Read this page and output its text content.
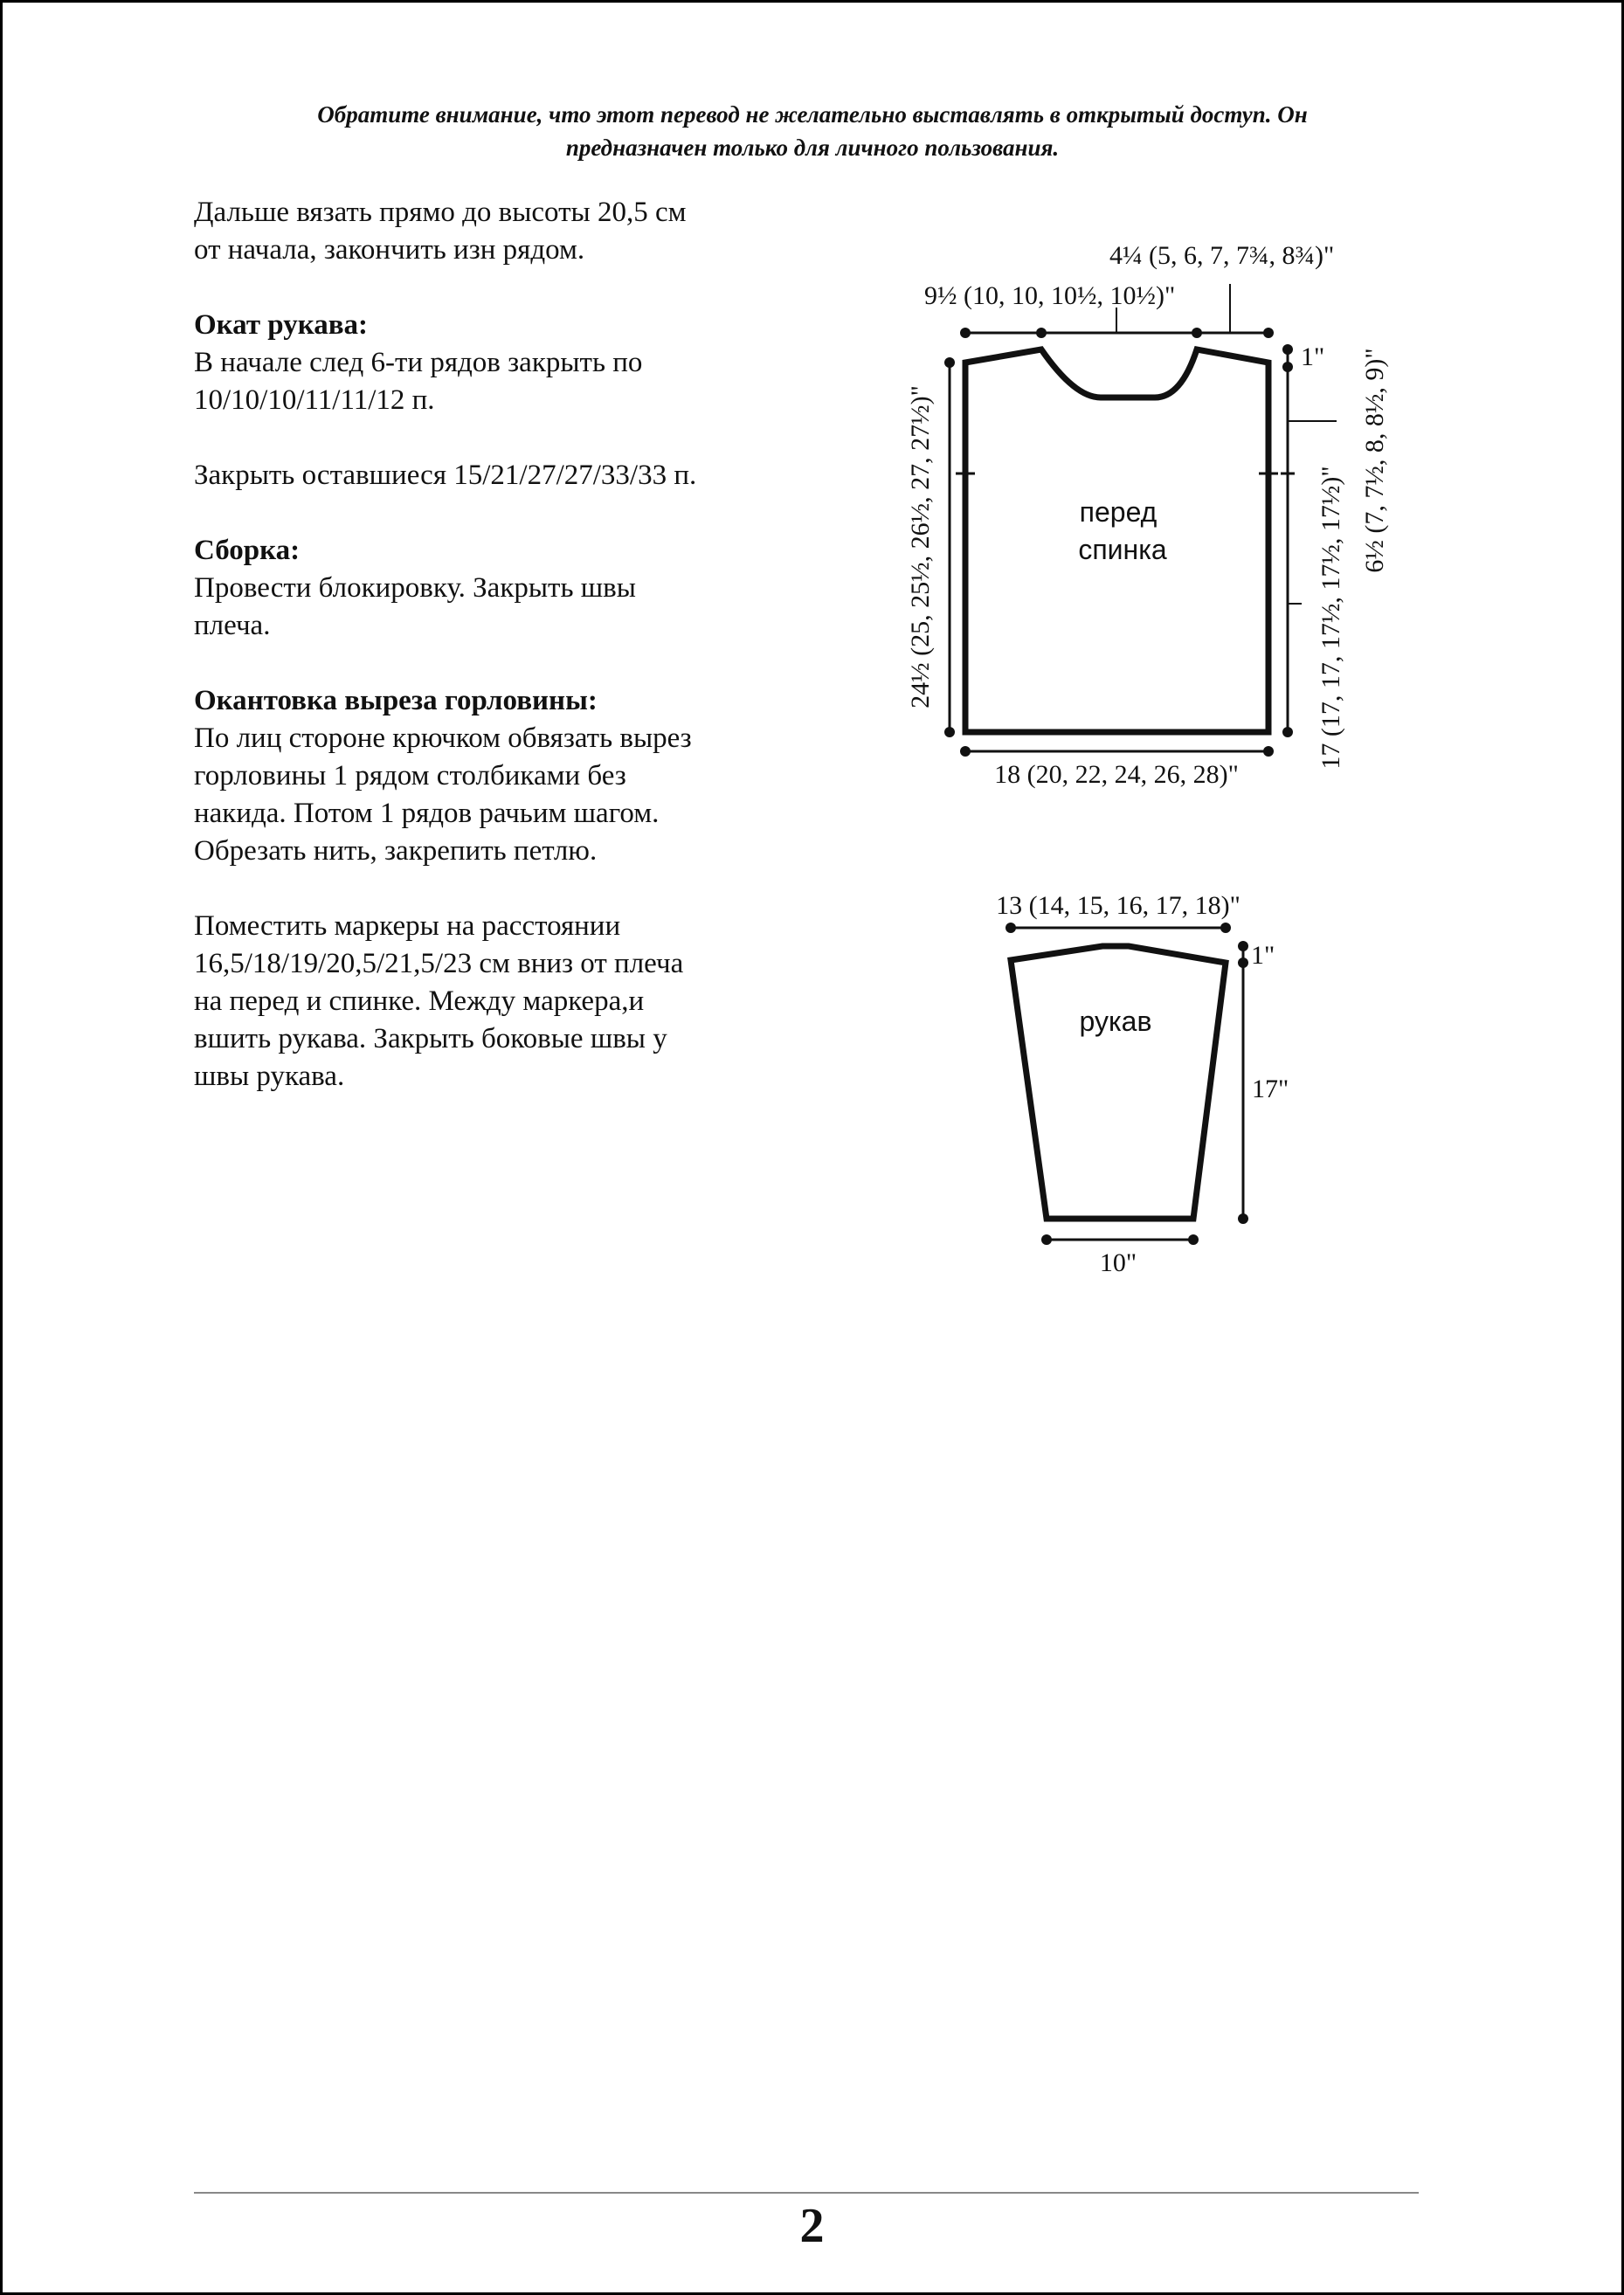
Обратите внимание, что этот перевод не желательно выставлять в открытый доступ. Он
предназначен только для личного пользования.
Дальше вязать прямо до высоты 20,5 см
от начала, закончить изн рядом.
Окат рукава:
В начале след 6-ти рядов закрыть по
10/10/10/11/11/12 п.
Закрыть оставшиеся 15/21/27/27/33/33 п.
Сборка:
Провести блокировку. Закрыть швы
плеча.
Окантовка выреза горловины:
По лиц стороне крючком обвязать вырез
горловины 1 рядом столбиками без
накида. Потом 1 рядов рачьим шагом.
Обрезать нить, закрепить петлю.
Поместить маркеры на расстоянии
16,5/18/19/20,5/21,5/23 см вниз от плеча
на перед и спинке. Между маркера,и
вшить рукава. Закрыть боковые швы у
швы рукава.
перед
спинка
4¼ (5, 6, 7, 7¾, 8¾)"
9½ (10, 10, 10½, 10½)"
1"
24½ (25, 25½, 26½, 27, 27½)"	6½ (7, 7½, 8, 8½, 9)"
17 (17, 17, 17½, 17½, 17½)"
18 (20, 22, 24, 26, 28)"
13 (14, 15, 16, 17, 18)"
рукав
1"
17"
10"
2
